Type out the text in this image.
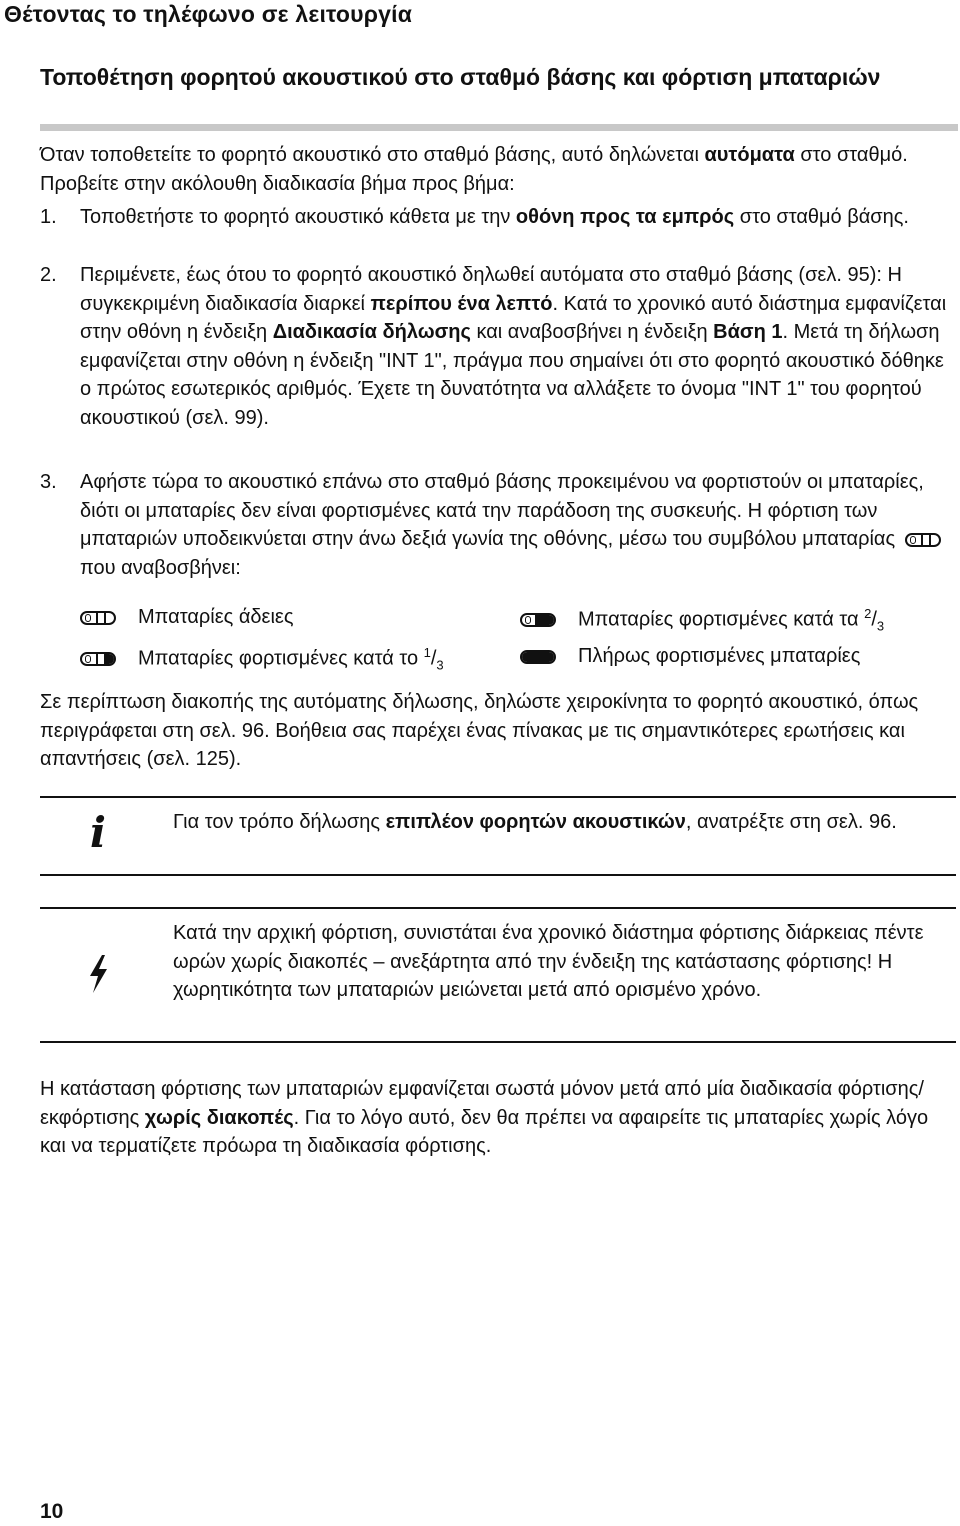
Θέτοντας το τηλέφωνο σε λειτουργία
Τοποθέτηση φορητού ακουστικού στο σταθμό βάσης και φόρτιση μπαταριών
Όταν τοποθετείτε το φορητό ακουστικό στο σταθμό βάσης, αυτό δηλώνεται αυτόματα στο σταθμό. Προβείτε στην ακόλουθη διαδικασία βήμα προς βήμα:
1.	Τοποθετήστε το φορητό ακουστικό κάθετα με την οθόνη προς τα εμπρός στο σταθμό βάσης.
2.	Περιμένετε, έως ότου το φορητό ακουστικό δηλωθεί αυτόματα στο σταθμό βάσης (σελ. 95): Η συγκεκριμένη διαδικασία διαρκεί περίπου ένα λεπτό. Κατά το χρονικό αυτό διάστημα εμφανίζεται στην οθόνη η ένδειξη Διαδικασία δήλωσης και αναβοσβήνει η ένδειξη Βάση 1. Μετά τη δήλωση εμφανίζεται στην οθόνη η ένδειξη "INT 1", πράγμα που σημαίνει ότι στο φορητό ακουστικό δόθηκε ο πρώτος εσωτερικός αριθμός. Έχετε τη δυνατότητα να αλλάξετε το όνομα "INT 1" του φορητού ακουστικού (σελ. 99).
3.	Αφήστε τώρα το ακουστικό επάνω στο σταθμό βάσης προκειμένου να φορτιστούν οι μπαταρίες, διότι οι μπαταρίες δεν είναι φορτισμένες κατά την παράδοση της συσκευής. Η φόρτιση των μπαταριών υποδεικνύεται στην άνω δεξιά γωνία της οθόνης, μέσω του συμβόλου μπαταρίας
που αναβοσβήνει:
Μπαταρίες άδειες	Μπαταρίες φορτισμένες κατά τα $^2/_3$
Μπαταρίες φορτισμένες κατά το $^1/_3$	Πλήρως φορτισμένες μπαταρίες
Σε περίπτωση διακοπής της αυτόματης δήλωσης, δηλώστε χειροκίνητα το φορητό ακουστικό, όπως περιγράφεται στη σελ. 96. Βοήθεια σας παρέχει ένας πίνακας με τις σημαντικότερες ερωτήσεις και απαντήσεις (σελ. 125).
i	Για τον τρόπο δήλωσης επιπλέον φορητών ακουστικών, ανατρέξτε στη σελ. 96.
Κατά την αρχική φόρτιση, συνιστάται ένα χρονικό διάστημα φόρτισης διάρκειας πέντε ωρών χωρίς διακοπές – ανεξάρτητα από την ένδειξη της κατάστασης φόρτισης! Η χωρητικότητα των μπαταριών μειώνεται μετά από ορισμένο χρόνο.
Η κατάσταση φόρτισης των μπαταριών εμφανίζεται σωστά μόνον μετά από μία διαδικασία φόρτισης/εκφόρτισης χωρίς διακοπές. Για το λόγο αυτό, δεν θα πρέπει να αφαιρείτε τις μπαταρίες χωρίς λόγο και να τερματίζετε πρόωρα τη διαδικασία φόρτισης.
10
